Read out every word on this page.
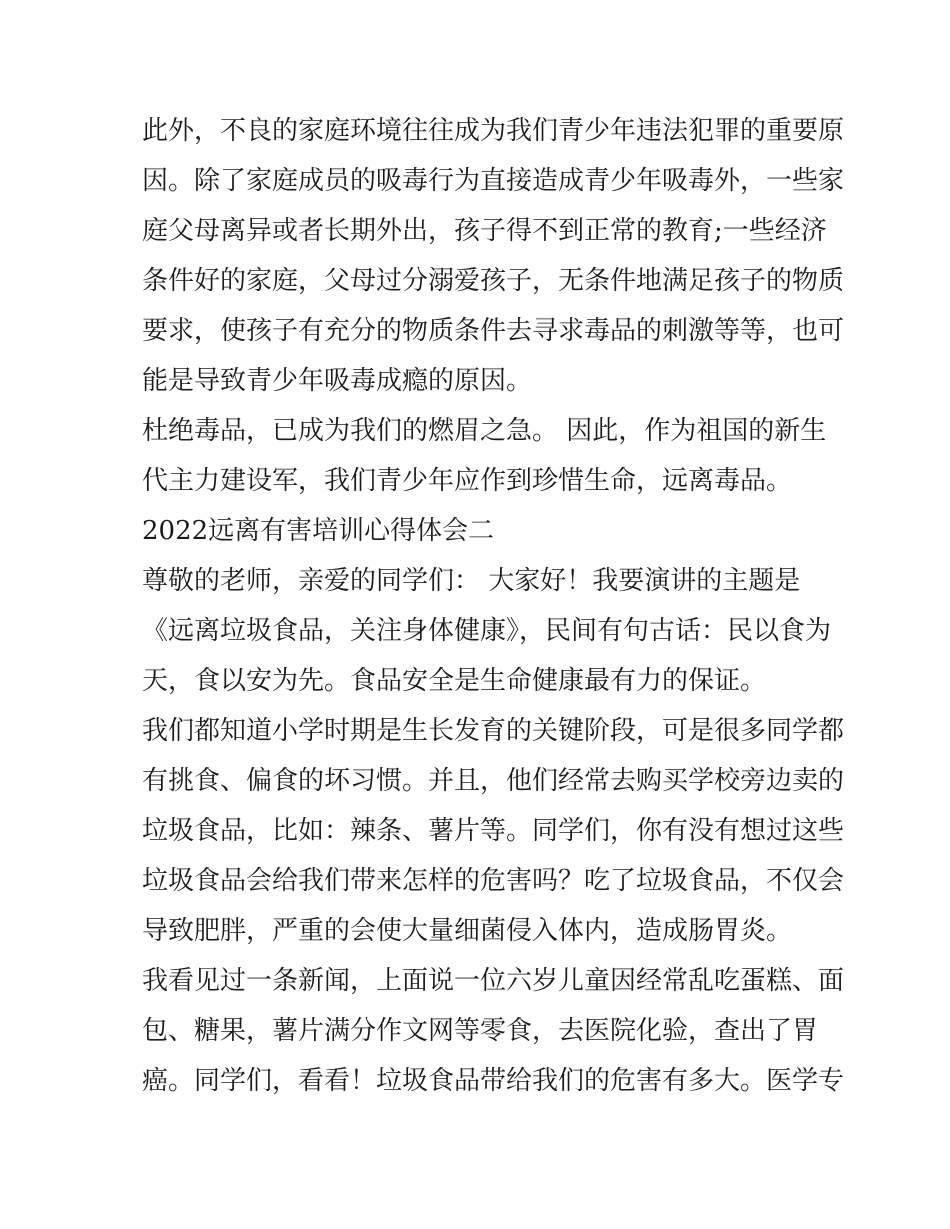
此外，不良的家庭环境往往成为我们青少年违法犯罪的重要原
因。除了家庭成员的吸毒行为直接造成青少年吸毒外，一些家
庭父母离异或者长期外出，孩子得不到正常的教育;一些经济
条件好的家庭，父母过分溺爱孩子，无条件地满足孩子的物质
要求，使孩子有充分的物质条件去寻求毒品的刺激等等，也可
能是导致青少年吸毒成瘾的原因。
杜绝毒品，已成为我们的燃眉之急。 因此，作为祖国的新生
代主力建设军，我们青少年应作到珍惜生命，远离毒品。
2022远离有害培训心得体会二
尊敬的老师，亲爱的同学们： 大家好！我要演讲的主题是
《远离垃圾食品，关注身体健康》，民间有句古话：民以食为
天，食以安为先。食品安全是生命健康最有力的保证。
我们都知道小学时期是生长发育的关键阶段，可是很多同学都
有挑食、偏食的坏习惯。并且，他们经常去购买学校旁边卖的
垃圾食品，比如：辣条、薯片等。同学们，你有没有想过这些
垃圾食品会给我们带来怎样的危害吗？吃了垃圾食品，不仅会
导致肥胖，严重的会使大量细菌侵入体内，造成肠胃炎。
我看见过一条新闻，上面说一位六岁儿童因经常乱吃蛋糕、面
包、糖果，薯片满分作文网等零食，去医院化验，查出了胃
癌。同学们，看看！垃圾食品带给我们的危害有多大。医学专
